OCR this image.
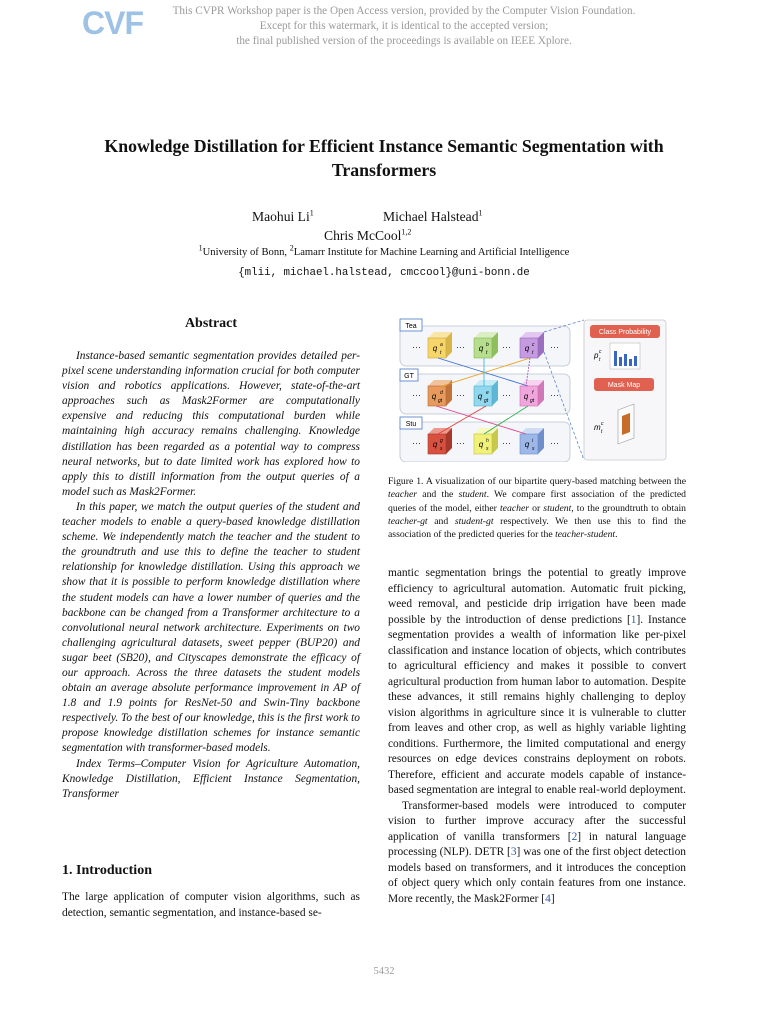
CVF	This CVPR Workshop paper is the Open Access version, provided by the Computer Vision Foundation.
Except for this watermark, it is identical to the accepted version;
the final published version of the proceedings is available on IEEE Xplore.
Knowledge Distillation for Efficient Instance Semantic Segmentation with
Transformers
Maohui Li$^1$	Michael Halstead$^1$
Chris McCool$^{1,2}$
$^1$University of Bonn, $^2$Lamarr Institute for Machine Learning and Artificial Intelligence
{mlii, michael.halstead, cmccool}@uni-bonn.de
Abstract

Instance-based semantic segmentation provides detailed per-pixel scene understanding information crucial for both computer vision and robotics applications. However, state-of-the-art approaches such as Mask2Former are computationally expensive and reducing this computational burden while maintaining high accuracy remains challenging. Knowledge distillation has been regarded as a potential way to compress neural networks, but to date limited work has explored how to apply this to distill information from the output queries of a model such as Mask2Former.

In this paper, we match the output queries of the student and teacher models to enable a query-based knowledge distillation scheme. We independently match the teacher and the student to the groundtruth and use this to define the teacher to student relationship for knowledge distillation. Using this approach we show that it is possible to perform knowledge distillation where the student models can have a lower number of queries and the backbone can be changed from a Transformer architecture to a convolutional neural network architecture. Experiments on two challenging agricultural datasets, sweet pepper (BUP20) and sugar beet (SB20), and Cityscapes demonstrate the efficacy of our approach. Across the three datasets the student models obtain an average absolute performance improvement in AP of 1.8 and 1.9 points for ResNet-50 and Swin-Tiny backbone respectively. To the best of our knowledge, this is the first work to propose knowledge distillation schemes for instance semantic segmentation with transformer-based models.

Index Terms–Computer Vision for Agriculture Automation, Knowledge Distillation, Efficient Instance Segmentation, Transformer

1. Introduction

The large application of computer vision algorithms, such as detection, semantic segmentation, and instance-based se-

Tea
GT
Stu
q t
a	q t
b	q t
c
q gt
d	q gt
e	q gt
f
q s
g	q s
h	q s
i
···	···	···	···
···	···	···	···
···	···	···	···
Class Probability
p t
c
Mask Map
m t
c
Figure 1. A visualization of our bipartite query-based matching between the teacher and the student. We compare first association of the predicted queries of the model, either teacher or student, to the groundtruth to obtain teacher-gt and student-gt respectively. We then use this to find the association of the predicted queries for the teacher-student.

mantic segmentation brings the potential to greatly improve efficiency to agricultural automation. Automatic fruit picking, weed removal, and pesticide drip irrigation have been made possible by the introduction of dense predictions [1]. Instance segmentation provides a wealth of information like per-pixel classification and instance location of objects, which contributes to agricultural efficiency and makes it possible to convert agricultural production from human labor to automation. Despite these advances, it still remains highly challenging to deploy vision algorithms in agriculture since it is vulnerable to clutter from leaves and other crop, as well as highly variable lighting conditions. Furthermore, the limited computational and energy resources on edge devices constrains deployment on robots. Therefore, efficient and accurate models capable of instance-based segmentation are integral to enable real-world deployment.

Transformer-based models were introduced to computer vision to further improve accuracy after the successful application of vanilla transformers [2] in natural language processing (NLP). DETR [3] was one of the first object detection models based on transformers, and it introduces the conception of object query which only contain features from one instance. More recently, the Mask2Former [4]

5432
